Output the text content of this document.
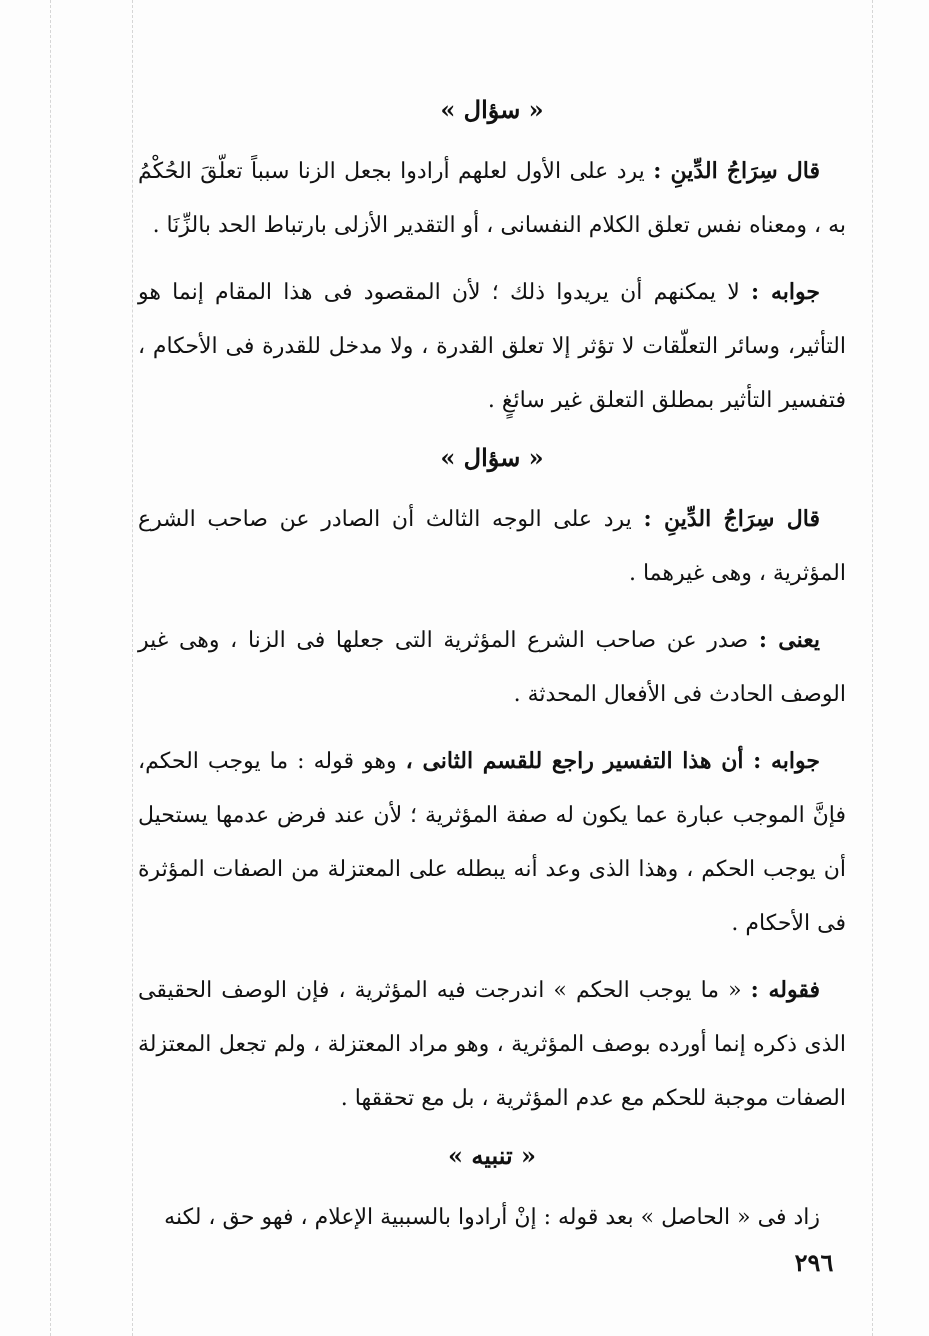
« سؤال »

قال سِرَاجُ الدِّينِ : يرد على الأول لعلهم أرادوا بجعل الزنا سبباً تعلّقَ الحُكْمُ به ، ومعناه نفس تعلق الكلام النفسانى ، أو التقدير الأزلى بارتباط الحد بالزِّنَا .

جوابه : لا يمكنهم أن يريدوا ذلك ؛ لأن المقصود فى هذا المقام إنما هو التأثير، وسائر التعلّقات لا تؤثر إلا تعلق القدرة ، ولا مدخل للقدرة فى الأحكام ، فتفسير التأثير بمطلق التعلق غير سائغٍ .

« سؤال »

قال سِرَاجُ الدِّينِ : يرد على الوجه الثالث أن الصادر عن صاحب الشرع المؤثرية ، وهى غيرهما .

يعنى : صدر عن صاحب الشرع المؤثرية التى جعلها فى الزنا ، وهى غير الوصف الحادث فى الأفعال المحدثة .

جوابه : أن هذا التفسير راجع للقسم الثانى ، وهو قوله : ما يوجب الحكم، فإنَّ الموجب عبارة عما يكون له صفة المؤثرية ؛ لأن عند فرض عدمها يستحيل أن يوجب الحكم ، وهذا الذى وعد أنه يبطله على المعتزلة من الصفات المؤثرة فى الأحكام .

فقوله : « ما يوجب الحكم » اندرجت فيه المؤثرية ، فإن الوصف الحقيقى الذى ذكره إنما أورده بوصف المؤثرية ، وهو مراد المعتزلة ، ولم تجعل المعتزلة الصفات موجبة للحكم مع عدم المؤثرية ، بل مع تحققها .

« تنبيه »

زاد فى « الحاصل » بعد قوله : إنْ أرادوا بالسببية الإعلام ، فهو حق ، لكنه

٢٩٦
